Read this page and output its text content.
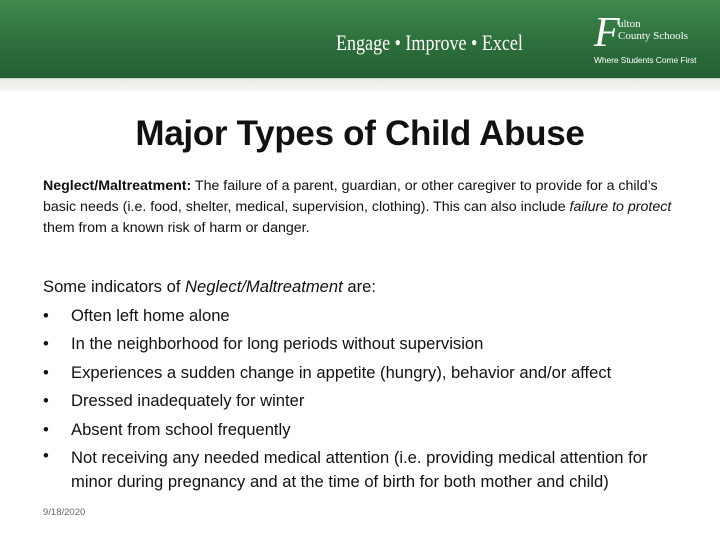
Engage • Improve • Excel F
ulton
County Schools
Where Students Come First
Major Types of Child Abuse

Neglect/Maltreatment: The failure of a parent, guardian, or other caregiver to provide for a child’s basic needs (i.e. food, shelter, medical, supervision, clothing). This can also include failure to protect them from a known risk of harm or danger.

Some indicators of Neglect/Maltreatment are:
• Often left home alone
• In the neighborhood for long periods without supervision
• Experiences a sudden change in appetite (hungry), behavior and/or affect
• Dressed inadequately for winter
• Absent from school frequently
• Not receiving any needed medical attention (i.e. providing medical attention for minor during pregnancy and at the time of birth for both mother and child)
9/18/2020
